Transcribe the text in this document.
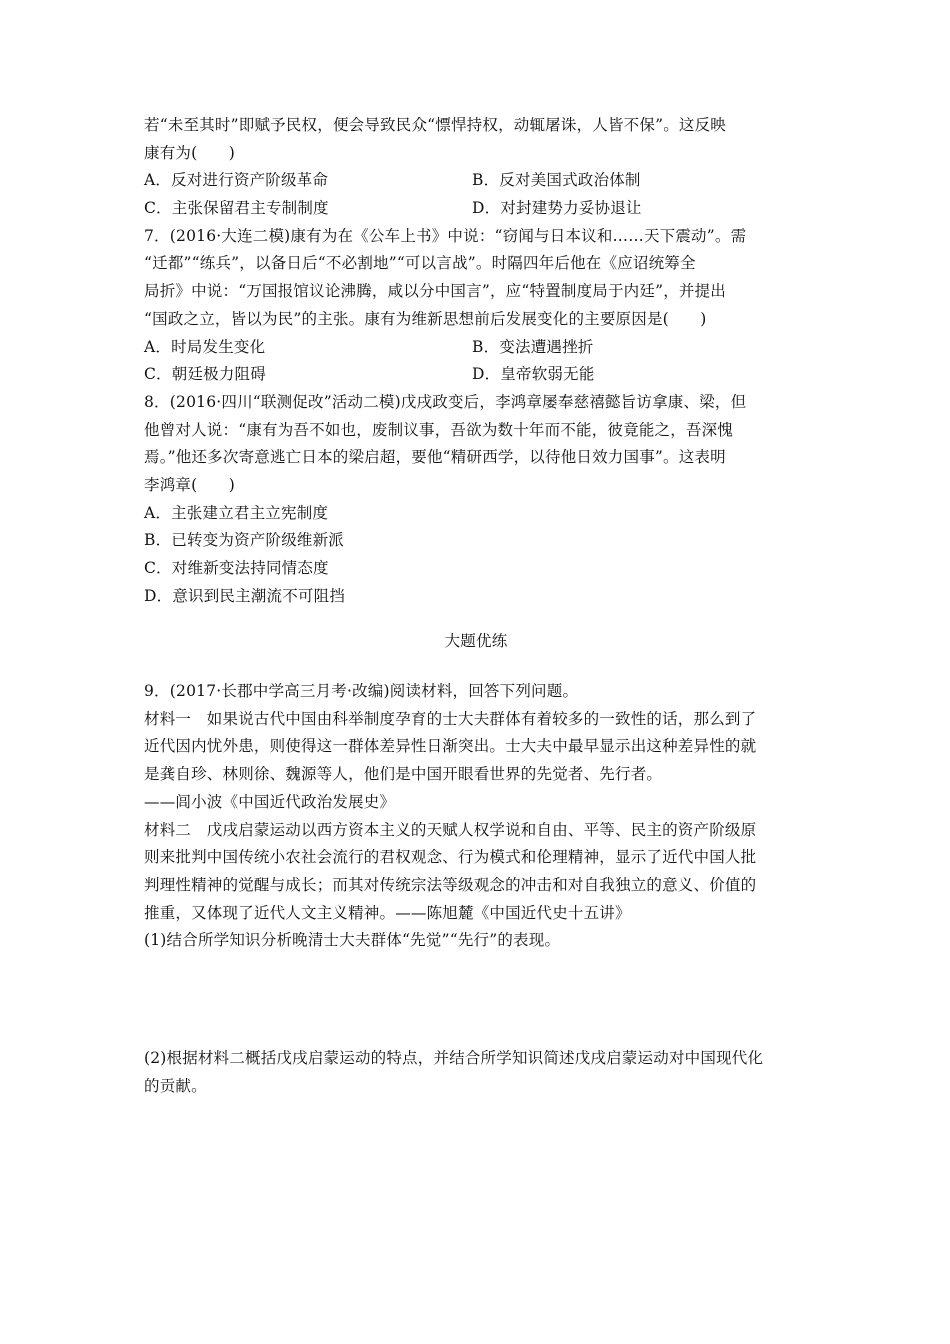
若“未至其时”即赋予民权，便会导致民众“慓悍持权，动辄屠诛，人皆不保”。这反映
康有为(　　)
A．反对进行资产阶级革命	B．反对美国式政治体制
C．主张保留君主专制制度	D．对封建势力妥协退让
7．(2016·大连二模)康有为在《公车上书》中说：“窃闻与日本议和……天下震动”。需
“迁都”“练兵”，以备日后“不必割地”“可以言战”。时隔四年后他在《应诏统筹全
局折》中说：“万国报馆议论沸腾，咸以分中国言”，应“特置制度局于内廷”，并提出
“国政之立，皆以为民”的主张。康有为维新思想前后发展变化的主要原因是(　　)
A．时局发生变化	B．变法遭遇挫折
C．朝廷极力阻碍	D．皇帝软弱无能
8．(2016·四川“联测促改”活动二模)戊戌政变后，李鸿章屡奉慈禧懿旨访拿康、梁，但
他曾对人说：“康有为吾不如也，废制议事，吾欲为数十年而不能，彼竟能之，吾深愧
焉。”他还多次寄意逃亡日本的梁启超，要他“精研西学，以待他日效力国事”。这表明
李鸿章(　　)
A．主张建立君主立宪制度
B．已转变为资产阶级维新派
C．对维新变法持同情态度
D．意识到民主潮流不可阻挡
大题优练
9．(2017·长郡中学高三月考·改编)阅读材料，回答下列问题。
材料一　如果说古代中国由科举制度孕育的士大夫群体有着较多的一致性的话，那么到了
近代因内忧外患，则使得这一群体差异性日渐突出。士大夫中最早显示出这种差异性的就
是龚自珍、林则徐、魏源等人，他们是中国开眼看世界的先觉者、先行者。
——闾小波《中国近代政治发展史》
材料二　戊戌启蒙运动以西方资本主义的天赋人权学说和自由、平等、民主的资产阶级原
则来批判中国传统小农社会流行的君权观念、行为模式和伦理精神，显示了近代中国人批
判理性精神的觉醒与成长；而其对传统宗法等级观念的冲击和对自我独立的意义、价值的
推重，又体现了近代人文主义精神。——陈旭麓《中国近代史十五讲》
(1)结合所学知识分析晚清士大夫群体“先觉”“先行”的表现。
(2)根据材料二概括戊戌启蒙运动的特点，并结合所学知识简述戊戌启蒙运动对中国现代化
的贡献。
